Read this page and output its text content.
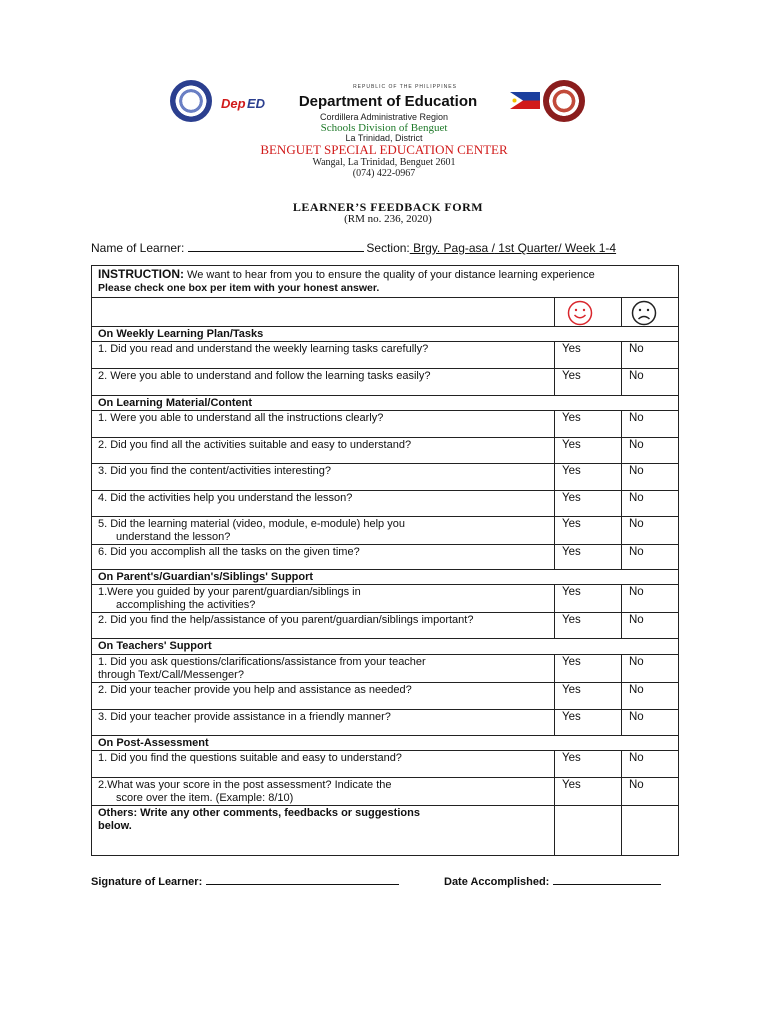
Dep ED
REPUBLIC OF THE PHILIPPINES
Department of Education
Cordillera Administrative Region
Schools Division of Benguet
La Trinidad, District
BENGUET SPECIAL EDUCATION CENTER
Wangal, La Trinidad, Benguet 2601
(074) 422-0967
LEARNER’S FEEDBACK FORM
(RM no. 236, 2020)
Name of Learner:	Section: Brgy. Pag-asa / 1st Quarter/ Week 1-4
INSTRUCTION: We want to hear from you to ensure the quality of your distance learning experience
Please check one box per item with your honest answer.		

On Weekly Learning Plan/Tasks		
1. Did you read and understand the weekly learning tasks carefully?	Yes	No
2. Were you able to understand and follow the learning tasks easily?	Yes	No
On Learning Material/Content		
1. Were you able to understand all the instructions clearly?	Yes	No
2. Did you find all the activities suitable and easy to understand?	Yes	No
3. Did you find the content/activities interesting?	Yes	No
4. Did the activities help you understand the lesson?	Yes	No
5. Did the learning material (video, module, e-module) help you

understand the lesson?	Yes	No
6. Did you accomplish all the tasks on the given time?	Yes	No
On Parent's/Guardian's/Siblings' Support		
1.Were you guided by your parent/guardian/siblings in

accomplishing the activities?	Yes	No
2. Did you find the help/assistance of you parent/guardian/siblings important?	Yes	No
On Teachers' Support		
1. Did you ask questions/clarifications/assistance from your teacher
through Text/Call/Messenger?	Yes	No
2. Did your teacher provide you help and assistance as needed?	Yes	No
3. Did your teacher provide assistance in a friendly manner?	Yes	No
On Post-Assessment		
1. Did you find the questions suitable and easy to understand?	Yes	No
2.What was your score in the post assessment? Indicate the

score over the item. (Example: 8/10)	Yes	No
Others: Write any other comments, feedbacks or suggestions
below.		
Signature of Learner:	Date Accomplished:
